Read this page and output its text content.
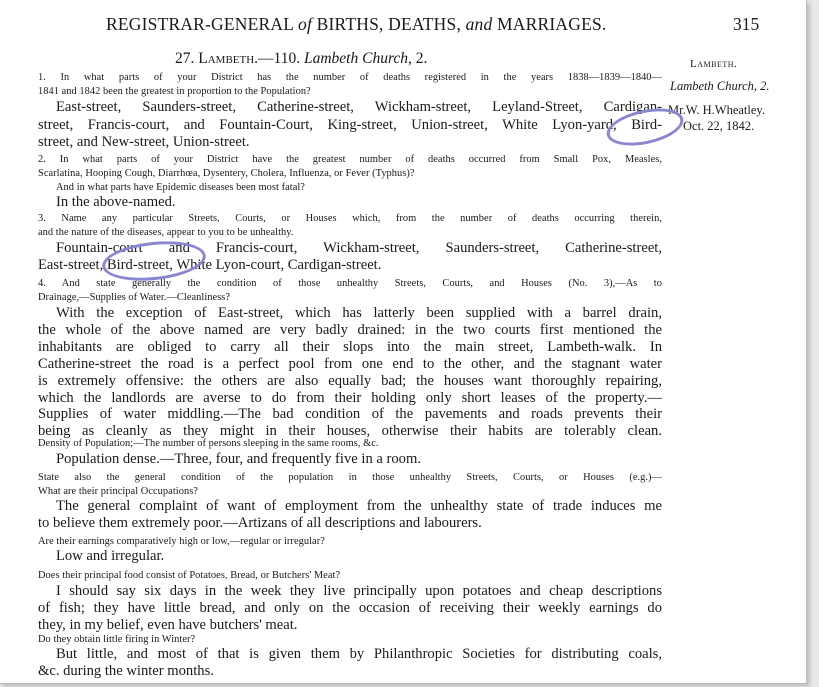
REGISTRAR-GENERAL of BIRTHS, DEATHS, and MARRIAGES.	315
27. Lambeth.—110. Lambeth Church, 2.	Lambeth.
Lambeth Church, 2.
Mr.W. H.Wheatley.
Oct. 22, 1842.
1. In what parts of your District has the number of deaths registered in the years 1838—1839—1840—
1841 and 1842 been the greatest in proportion to the Population?
East-street, Saunders-street, Catherine-street, Wickham-street, Leyland-Street, Cardigan-
street, Francis-court, and Fountain-Court, King-street, Union-street, White Lyon-yard, Bird-
street, and New-street, Union-street.
2. In what parts of your District have the greatest number of deaths occurred from Small Pox, Measles,
Scarlatina, Hooping Cough, Diarrhœa, Dysentery, Cholera, Influenza, or Fever (Typhus)?
And in what parts have Epidemic diseases been most fatal?
In the above-named.
3. Name any particular Streets, Courts, or Houses which, from the number of deaths occurring therein,
and the nature of the diseases, appear to you to be unhealthy.
Fountain-court and Francis-court, Wickham-street, Saunders-street, Catherine-street,
East-street, Bird-street, White Lyon-court, Cardigan-street.
4. And state generally the condition of those unhealthy Streets, Courts, and Houses (No. 3),—As to
Drainage,—Supplies of Water.—Cleanliness?
With the exception of East-street, which has latterly been supplied with a barrel drain,
the whole of the above named are very badly drained: in the two courts first mentioned the
inhabitants are obliged to carry all their slops into the main street, Lambeth-walk. In
Catherine-street the road is a perfect pool from one end to the other, and the stagnant water
is extremely offensive: the others are also equally bad; the houses want thoroughly repairing,
which the landlords are averse to do from their holding only short leases of the property.—
Supplies of water middling.—The bad condition of the pavements and roads prevents their
being as cleanly as they might in their houses, otherwise their habits are tolerably clean.
Density of Population;—The number of persons sleeping in the same rooms, &c.
Population dense.—Three, four, and frequently five in a room.
State also the general condition of the population in those unhealthy Streets, Courts, or Houses (e.g.)—
What are their principal Occupations?
The general complaint of want of employment from the unhealthy state of trade induces me
to believe them extremely poor.—Artizans of all descriptions and labourers.
Are their earnings comparatively high or low,—regular or irregular?
Low and irregular.
Does their principal food consist of Potatoes, Bread, or Butchers' Meat?
I should say six days in the week they live principally upon potatoes and cheap descriptions
of fish; they have little bread, and only on the occasion of receiving their weekly earnings do
they, in my belief, even have butchers' meat.
Do they obtain little firing in Winter?
But little, and most of that is given them by Philanthropic Societies for distributing coals,
&c. during the winter months.
